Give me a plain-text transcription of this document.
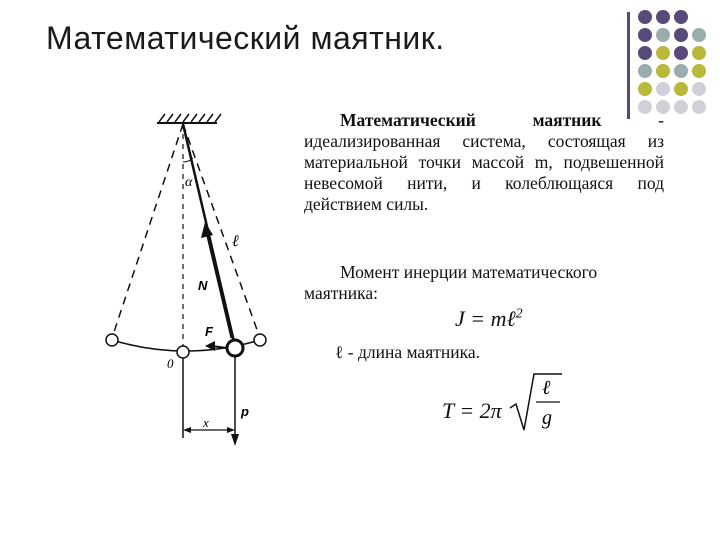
Математический маятник.
α
ℓ
N
F
0
p
x

Математический маятник - идеализированная система, состоящая из материальной точки массой m, подвешенной невесомой нити, и колеблющаяся под действием силы.

Момент инерции математического
маятника:
J = mℓ$^2$
ℓ - длина маятника.
T = 2π
ℓ
g
